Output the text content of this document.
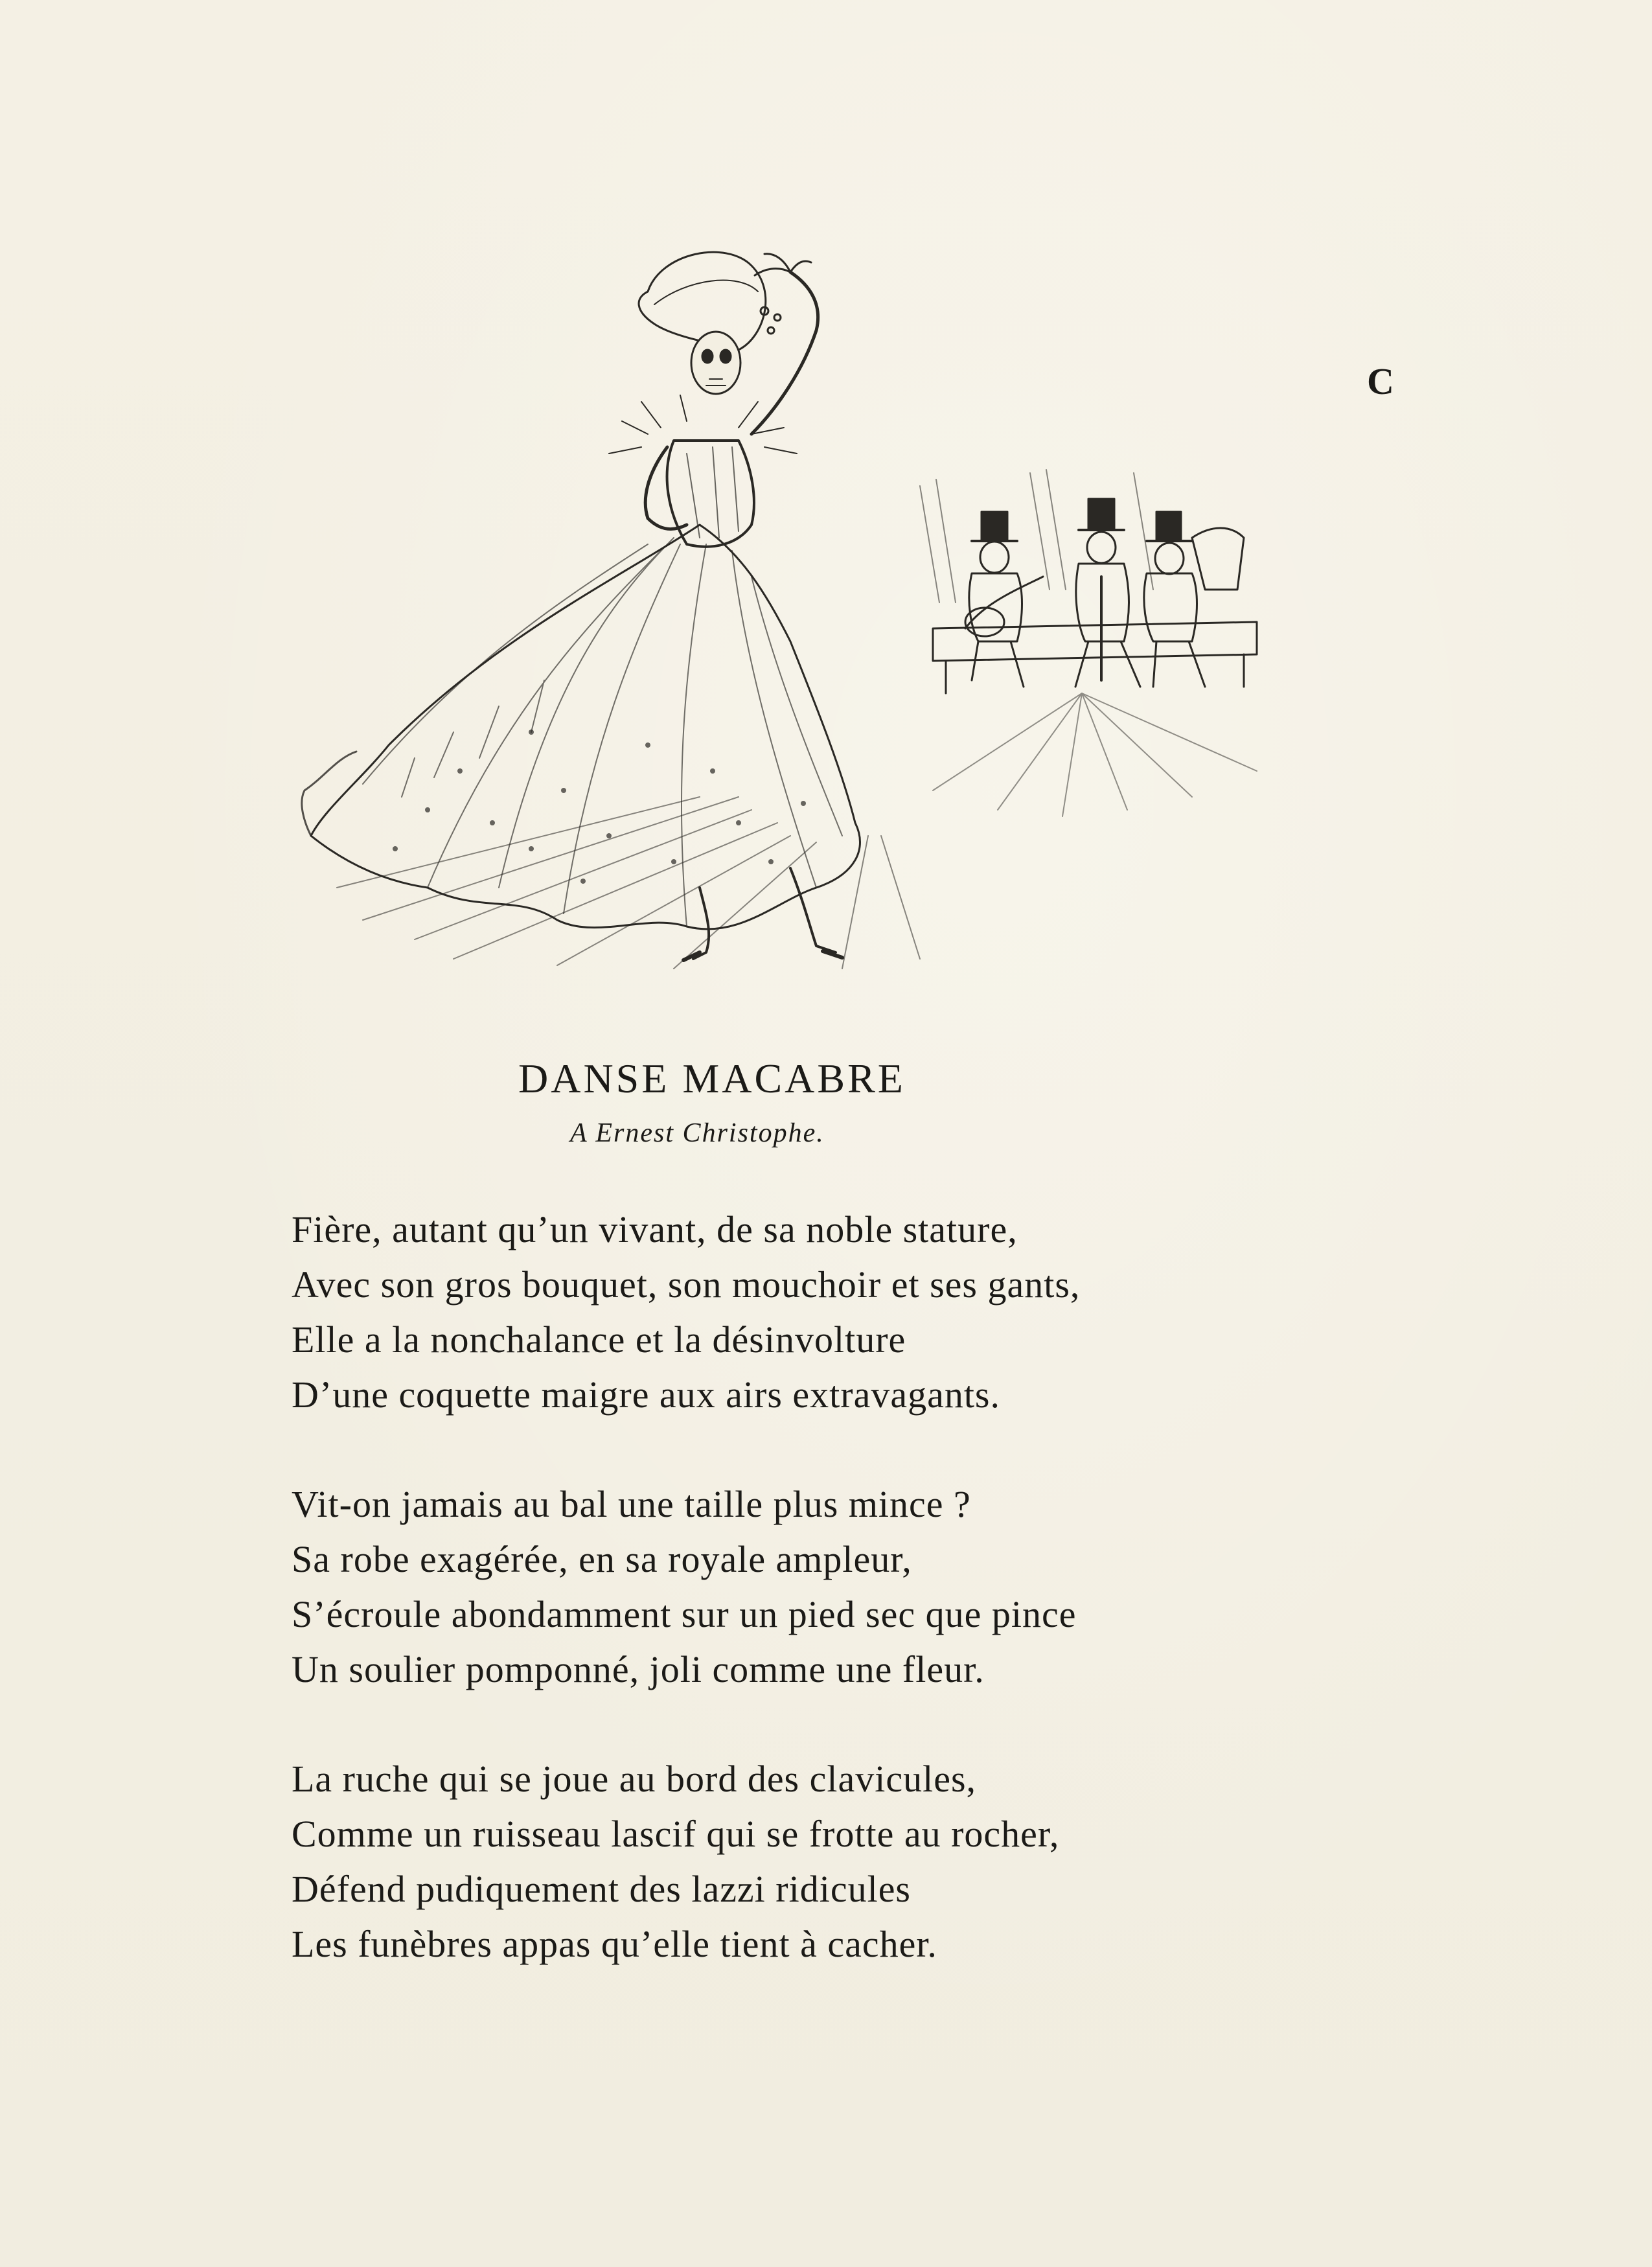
C
DANSE MACABRE
A Ernest Christophe.
Fière, autant qu’un vivant, de sa noble stature,
Avec son gros bouquet, son mouchoir et ses gants,
Elle a la nonchalance et la désinvolture
D’une coquette maigre aux airs extravagants.
Vit-on jamais au bal une taille plus mince ?
Sa robe exagérée, en sa royale ampleur,
S’écroule abondamment sur un pied sec que pince
Un soulier pomponné, joli comme une fleur.
La ruche qui se joue au bord des clavicules,
Comme un ruisseau lascif qui se frotte au rocher,
Défend pudiquement des lazzi ridicules
Les funèbres appas qu’elle tient à cacher.
